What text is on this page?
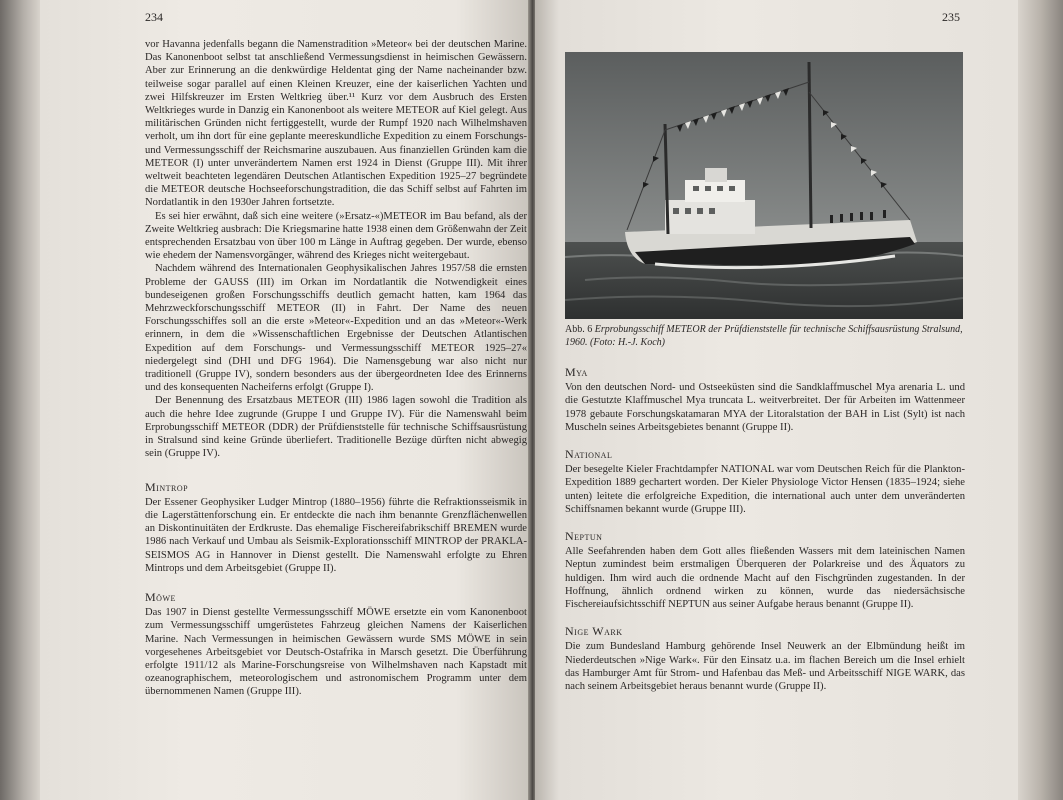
234

vor Havanna jedenfalls begann die Namenstradition »Meteor« bei der deutschen Marine. Das Kanonenboot selbst tat anschließend Vermessungsdienst in heimischen Gewässern. Aber zur Erinnerung an die denkwürdige Heldentat ging der Name nacheinander bzw. teilweise sogar parallel auf einen Kleinen Kreuzer, eine der kaiserlichen Yachten und zwei Hilfskreuzer im Ersten Weltkrieg über.¹¹ Kurz vor dem Ausbruch des Ersten Weltkrieges wurde in Danzig ein Kanonenboot als weitere METEOR auf Kiel gelegt. Aus militärischen Gründen nicht fertiggestellt, wurde der Rumpf 1920 nach Wilhelmshaven verholt, um ihn dort für eine geplante meereskundliche Expedition zu einem Forschungs- und Vermessungsschiff der Reichsmarine auszubauen. Aus finanziellen Gründen kam die METEOR (I) unter unverändertem Namen erst 1924 in Dienst (Gruppe III). Mit ihrer weltweit beachteten legendären Deutschen Atlantischen Expedition 1925–27 begründete die METEOR deutsche Hochseeforschungstradition, die das Schiff selbst auf Fahrten im Nordatlantik in den 1930er Jahren fortsetzte.

Es sei hier erwähnt, daß sich eine weitere (»Ersatz-«)METEOR im Bau befand, als der Zweite Weltkrieg ausbrach: Die Kriegsmarine hatte 1938 einen dem Größenwahn der Zeit entsprechenden Ersatzbau von über 100 m Länge in Auftrag gegeben. Der wurde, ebenso wie ehedem der Namensvorgänger, während des Krieges nicht weitergebaut.

Nachdem während des Internationalen Geophysikalischen Jahres 1957/58 die ernsten Probleme der GAUSS (III) im Orkan im Nordatlantik die Notwendigkeit eines bundeseigenen großen Forschungsschiffs deutlich gemacht hatten, kam 1964 das Mehrzweckforschungsschiff METEOR (II) in Fahrt. Der Name des neuen Forschungsschiffes soll an die erste »Meteor«-Expedition und an das »Meteor«-Werk erinnern, in dem die »Wissenschaftlichen Ergebnisse der Deutschen Atlantischen Expedition auf dem Forschungs- und Vermessungsschiff METEOR 1925–27« niedergelegt sind (DHI und DFG 1964). Die Namensgebung war also nicht nur traditionell (Gruppe IV), sondern besonders aus der übergeordneten Idee des Erinnerns und des konsequenten Nacheiferns erfolgt (Gruppe I).

Der Benennung des Ersatzbaus METEOR (III) 1986 lagen sowohl die Tradition als auch die hehre Idee zugrunde (Gruppe I und Gruppe IV). Für die Namenswahl beim Erprobungsschiff METEOR (DDR) der Prüfdienststelle für technische Schiffsausrüstung in Stralsund sind keine Gründe überliefert. Traditionelle Bezüge dürften nicht abwegig sein (Gruppe IV).

Mintrop

Der Essener Geophysiker Ludger Mintrop (1880–1956) führte die Refraktionsseismik in die Lagerstättenforschung ein. Er entdeckte die nach ihm benannte Grenzflächenwellen an Diskontinuitäten der Erdkruste. Das ehemalige Fischereifabrikschiff BREMEN wurde 1986 nach Verkauf und Umbau als Seismik-Explorationsschiff MINTROP der PRAKLA-SEISMOS AG in Hannover in Dienst gestellt. Die Namenswahl erfolgte zu Ehren Mintrops und dem Arbeitsgebiet (Gruppe II).

Möwe

Das 1907 in Dienst gestellte Vermessungsschiff MÖWE ersetzte ein vom Kanonenboot zum Vermessungsschiff umgerüstetes Fahrzeug gleichen Namens der Kaiserlichen Marine. Nach Vermessungen in heimischen Gewässern wurde SMS MÖWE in sein vorgesehenes Arbeitsgebiet vor Deutsch-Ostafrika in Marsch gesetzt. Die Überführung erfolgte 1911/12 als Marine-Forschungsreise von Wilhelmshaven nach Kapstadt mit ozeanographischem, meteorologischem und astronomischem Programm unter dem übernommenen Namen (Gruppe III).

235
Abb. 6 Erprobungsschiff METEOR der Prüfdienststelle für technische Schiffsausrüstung Stralsund, 1960. (Foto: H.-J. Koch)
Mya

Von den deutschen Nord- und Ostseeküsten sind die Sandklaffmuschel Mya arenaria L. und die Gestutzte Klaffmuschel Mya truncata L. weitverbreitet. Der für Arbeiten im Wattenmeer 1978 gebaute Forschungskatamaran MYA der Litoralstation der BAH in List (Sylt) ist nach Muscheln seines Arbeitsgebietes benannt (Gruppe II).

National

Der besegelte Kieler Frachtdampfer NATIONAL war vom Deutschen Reich für die Plankton-Expedition 1889 gechartert worden. Der Kieler Physiologe Victor Hensen (1835–1924; siehe unten) leitete die erfolgreiche Expedition, die international auch unter dem unveränderten Schiffsnamen bekannt wurde (Gruppe III).

Neptun

Alle Seefahrenden haben dem Gott alles fließenden Wassers mit dem lateinischen Namen Neptun zumindest beim erstmaligen Überqueren der Polarkreise und des Äquators zu huldigen. Ihm wird auch die ordnende Macht auf den Fischgründen zugestanden. In der Hoffnung, ähnlich ordnend wirken zu können, wurde das niedersächsische Fischereiaufsichtsschiff NEPTUN aus seiner Aufgabe heraus benannt (Gruppe II).

Nige Wark

Die zum Bundesland Hamburg gehörende Insel Neuwerk an der Elbmündung heißt im Niederdeutschen »Nige Wark«. Für den Einsatz u.a. im flachen Bereich um die Insel erhielt das Hamburger Amt für Strom- und Hafenbau das Meß- und Arbeitsschiff NIGE WARK, das nach seinem Arbeitsgebiet heraus benannt wurde (Gruppe II).
